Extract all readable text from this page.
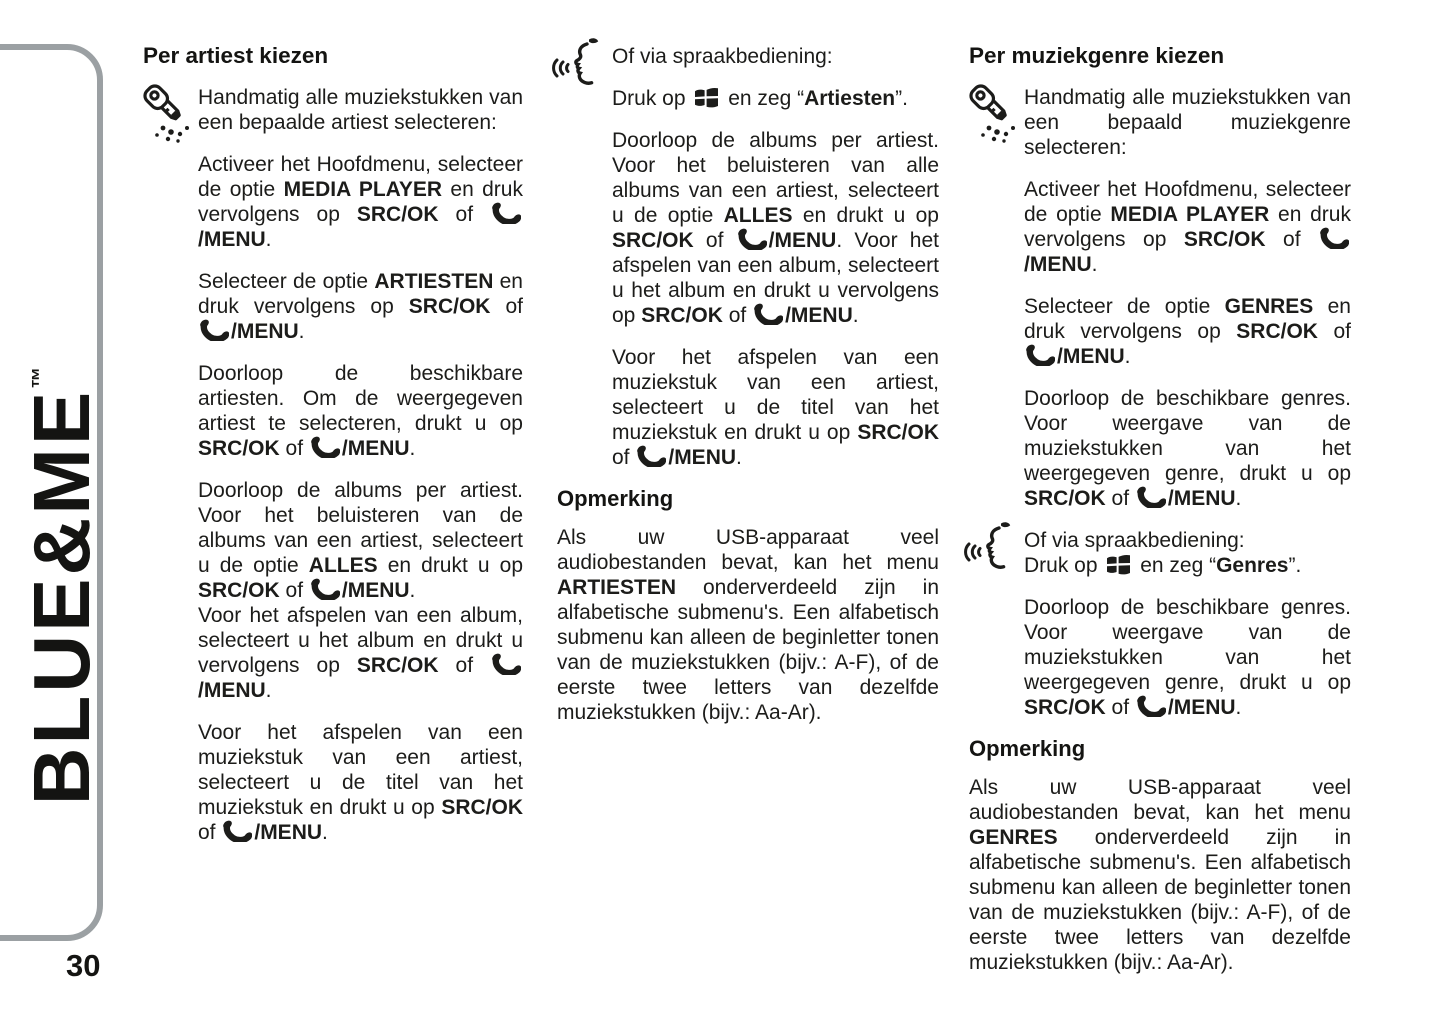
BLUE&ME™
30
Per artiest kiezen

Handmatig alle muziekstukken van een bepaalde artiest selecteren:

Activeer het Hoofdmenu, selecteer de optie MEDIA PLAYER en druk vervolgens op SRC/OK of /MENU.

Selecteer de optie ARTIESTEN en druk vervolgens op SRC/OK of /MENU.

Doorloop de beschikbare artiesten. Om de weergegeven artiest te selecteren, drukt u op SRC/OK of /MENU.

Doorloop de albums per artiest. Voor het beluisteren van de albums van een artiest, selecteert u de optie ALLES en drukt u op SRC/OK of /MENU.

Voor het afspelen van een album, selecteert u het album en drukt u vervolgens op SRC/OK of /MENU.

Voor het afspelen van een muziekstuk van een artiest, selecteert u de titel van het muziekstuk en drukt u op SRC/OK of /MENU.

Of via spraakbediening:

Druk op  en zeg “Artiesten”.

Doorloop de albums per artiest. Voor het beluisteren van alle albums van een artiest, selecteert u de optie ALLES en drukt u op SRC/OK of /MENU. Voor het afspelen van een album, selecteert u het album en drukt u vervolgens op SRC/OK of /MENU.

Voor het afspelen van een muziekstuk van een artiest, selecteert u de titel van het muziekstuk en drukt u op SRC/OK of /MENU.

Opmerking

Als uw USB-apparaat veel audiobestanden bevat, kan het menu ARTIESTEN onderverdeeld zijn in alfabetische submenu's. Een alfabetisch submenu kan alleen de beginletter tonen van de muziekstukken (bijv.: A-F), of de eerste twee letters van dezelfde muziekstukken (bijv.: Aa-Ar).

Per muziekgenre kiezen

Handmatig alle muziekstukken van een bepaald muziekgenre selecteren:

Activeer het Hoofdmenu, selecteer de optie MEDIA PLAYER en druk vervolgens op SRC/OK of /MENU.

Selecteer de optie GENRES en druk vervolgens op SRC/OK of /MENU.

Doorloop de beschikbare genres. Voor weergave van de muziekstukken van het weergegeven genre, drukt u op SRC/OK of /MENU.

Of via spraakbediening:

Druk op  en zeg “Genres”.

Doorloop de beschikbare genres. Voor weergave van de muziekstukken van het weergegeven genre, drukt u op SRC/OK of /MENU.

Opmerking

Als uw USB-apparaat veel audiobestanden bevat, kan het menu GENRES onderverdeeld zijn in alfabetische submenu's. Een alfabetisch submenu kan alleen de beginletter tonen van de muziekstukken (bijv.: A-F), of de eerste twee letters van dezelfde muziekstukken (bijv.: Aa-Ar).
